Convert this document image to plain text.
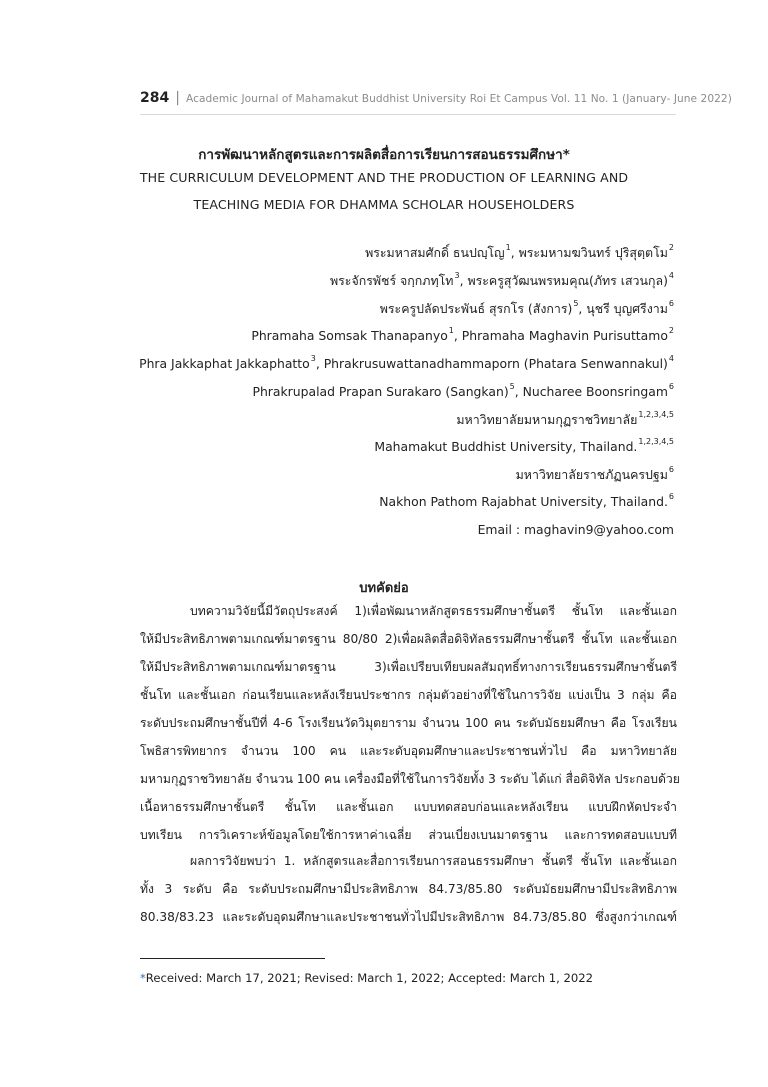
284 | Academic Journal of Mahamakut Buddhist University Roi Et Campus Vol. 11 No. 1 (January- June 2022)
การพัฒนาหลักสูตรและการผลิตสื่อการเรียนการสอนธรรมศึกษา*
THE CURRICULUM DEVELOPMENT AND THE PRODUCTION OF LEARNING AND
TEACHING MEDIA FOR DHAMMA SCHOLAR HOUSEHOLDERS
พระมหาสมศักดิ์ ธนปญฺโญ$^1$, พระมหามฆวินทร์ ปุริสุตฺตโม$^2$
พระจักรพัชร์ จกฺกภทฺโท$^3$, พระครูสุวัฒนพรหมคุณ(ภัทร เสวนกุล)$^4$
พระครูปลัดประพันธ์ สุรกโร (สังการ)$^5$, นุชรี บุญศรีงาม$^6$
Phramaha Somsak Thanapanyo$^1$, Phramaha Maghavin Purisuttamo$^2$
Phra Jakkaphat Jakkaphatto$^3$, Phrakrusuwattanadhammaporn (Phatara Senwannakul)$^4$
Phrakrupalad Prapan Surakaro (Sangkan)$^5$, Nucharee Boonsringam$^6$
มหาวิทยาลัยมหามกุฏราชวิทยาลัย$^{1,2,3,4,5}$
Mahamakut Buddhist University, Thailand.$^{1,2,3,4,5}$
มหาวิทยาลัยราชภัฏนครปฐม$^6$
Nakhon Pathom Rajabhat University, Thailand.$^6$
Email : maghavin9@yahoo.com
บทคัดย่อ
บทความวิจัยนี้มีวัตถุประสงค์ 1)เพื่อพัฒนาหลักสูตรธรรมศึกษาชั้นตรี ชั้นโท และชั้นเอก
ให้มีประสิทธิภาพตามเกณฑ์มาตรฐาน 80/80 2)เพื่อผลิตสื่อดิจิทัลธรรมศึกษาชั้นตรี ชั้นโท และชั้นเอก
ให้มีประสิทธิภาพตามเกณฑ์มาตรฐาน 3)เพื่อเปรียบเทียบผลสัมฤทธิ์ทางการเรียนธรรมศึกษาชั้นตรี
ชั้นโท และชั้นเอก ก่อนเรียนและหลังเรียนประชากร กลุ่มตัวอย่างที่ใช้ในการวิจัย แบ่งเป็น 3 กลุ่ม คือ
ระดับประถมศึกษาชั้นปีที่ 4-6 โรงเรียนวัดวิมุตยาราม จำนวน 100 คน ระดับมัธยมศึกษา คือ โรงเรียน
โพธิสารพิทยากร จำนวน 100 คน และระดับอุดมศึกษาและประชาชนทั่วไป คือ มหาวิทยาลัย
มหามกุฏราชวิทยาลัย จำนวน 100 คน เครื่องมือที่ใช้ในการวิจัยทั้ง 3 ระดับ ได้แก่ สื่อดิจิทัล ประกอบด้วย
เนื้อหาธรรมศึกษาชั้นตรี ชั้นโท และชั้นเอก แบบทดสอบก่อนและหลังเรียน แบบฝึกหัดประจำ
บทเรียน การวิเคราะห์ข้อมูลโดยใช้การหาค่าเฉลี่ย ส่วนเบี่ยงเบนมาตรฐาน และการทดสอบแบบที
ผลการวิจัยพบว่า 1. หลักสูตรและสื่อการเรียนการสอนธรรมศึกษา ชั้นตรี ชั้นโท และชั้นเอก
ทั้ง 3 ระดับ คือ ระดับประถมศึกษามีประสิทธิภาพ 84.73/85.80 ระดับมัธยมศึกษามีประสิทธิภาพ
80.38/83.23 และระดับอุดมศึกษาและประชาชนทั่วไปมีประสิทธิภาพ 84.73/85.80 ซึ่งสูงกว่าเกณฑ์
*Received: March 17, 2021; Revised: March 1, 2022; Accepted: March 1, 2022
